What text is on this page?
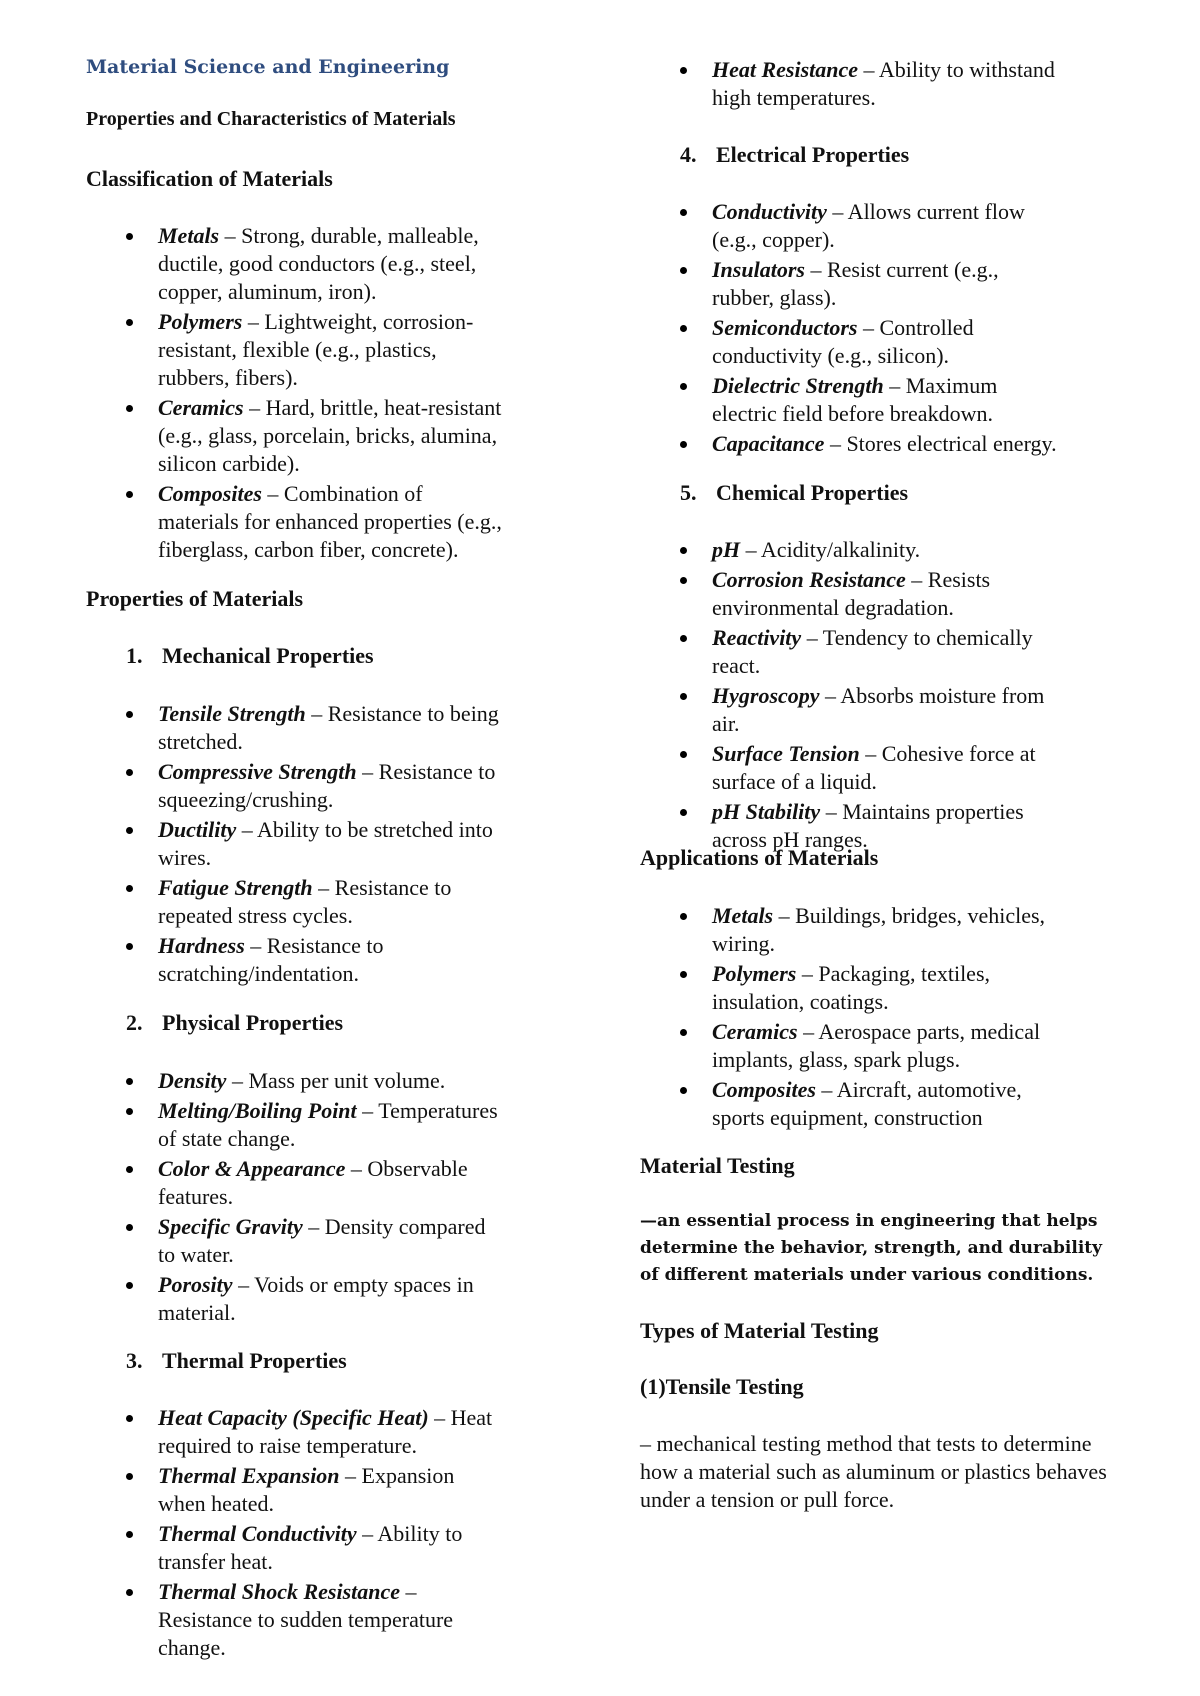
Material Science and Engineering
Properties and Characteristics of Materials
Classification of Materials
Metals – Strong, durable, malleable, ductile, good conductors (e.g., steel, copper, aluminum, iron).
Polymers – Lightweight, corrosion-resistant, flexible (e.g., plastics, rubbers, fibers).
Ceramics – Hard, brittle, heat-resistant (e.g., glass, porcelain, bricks, alumina, silicon carbide).
Composites – Combination of materials for enhanced properties (e.g., fiberglass, carbon fiber, concrete).
Properties of Materials
1. Mechanical Properties
Tensile Strength – Resistance to being stretched.
Compressive Strength – Resistance to squeezing/crushing.
Ductility – Ability to be stretched into wires.
Fatigue Strength – Resistance to repeated stress cycles.
Hardness – Resistance to scratching/indentation.
2. Physical Properties
Density – Mass per unit volume.
Melting/Boiling Point – Temperatures of state change.
Color & Appearance – Observable features.
Specific Gravity – Density compared to water.
Porosity – Voids or empty spaces in material.
3. Thermal Properties
Heat Capacity (Specific Heat) – Heat required to raise temperature.
Thermal Expansion – Expansion when heated.
Thermal Conductivity – Ability to transfer heat.
Thermal Shock Resistance – Resistance to sudden temperature change.
Heat Resistance – Ability to withstand high temperatures.
4. Electrical Properties
Conductivity – Allows current flow (e.g., copper).
Insulators – Resist current (e.g., rubber, glass).
Semiconductors – Controlled conductivity (e.g., silicon).
Dielectric Strength – Maximum electric field before breakdown.
Capacitance – Stores electrical energy.
5. Chemical Properties
pH – Acidity/alkalinity.
Corrosion Resistance – Resists environmental degradation.
Reactivity – Tendency to chemically react.
Hygroscopy – Absorbs moisture from air.
Surface Tension – Cohesive force at surface of a liquid.
pH Stability – Maintains properties across pH ranges.
Applications of Materials
Metals – Buildings, bridges, vehicles, wiring.
Polymers – Packaging, textiles, insulation, coatings.
Ceramics – Aerospace parts, medical implants, glass, spark plugs.
Composites – Aircraft, automotive, sports equipment, construction
Material Testing
—an essential process in engineering that helps determine the behavior, strength, and durability of different materials under various conditions.
Types of Material Testing
(1)Tensile Testing
– mechanical testing method that tests to determine how a material such as aluminum or plastics behaves under a tension or pull force.
